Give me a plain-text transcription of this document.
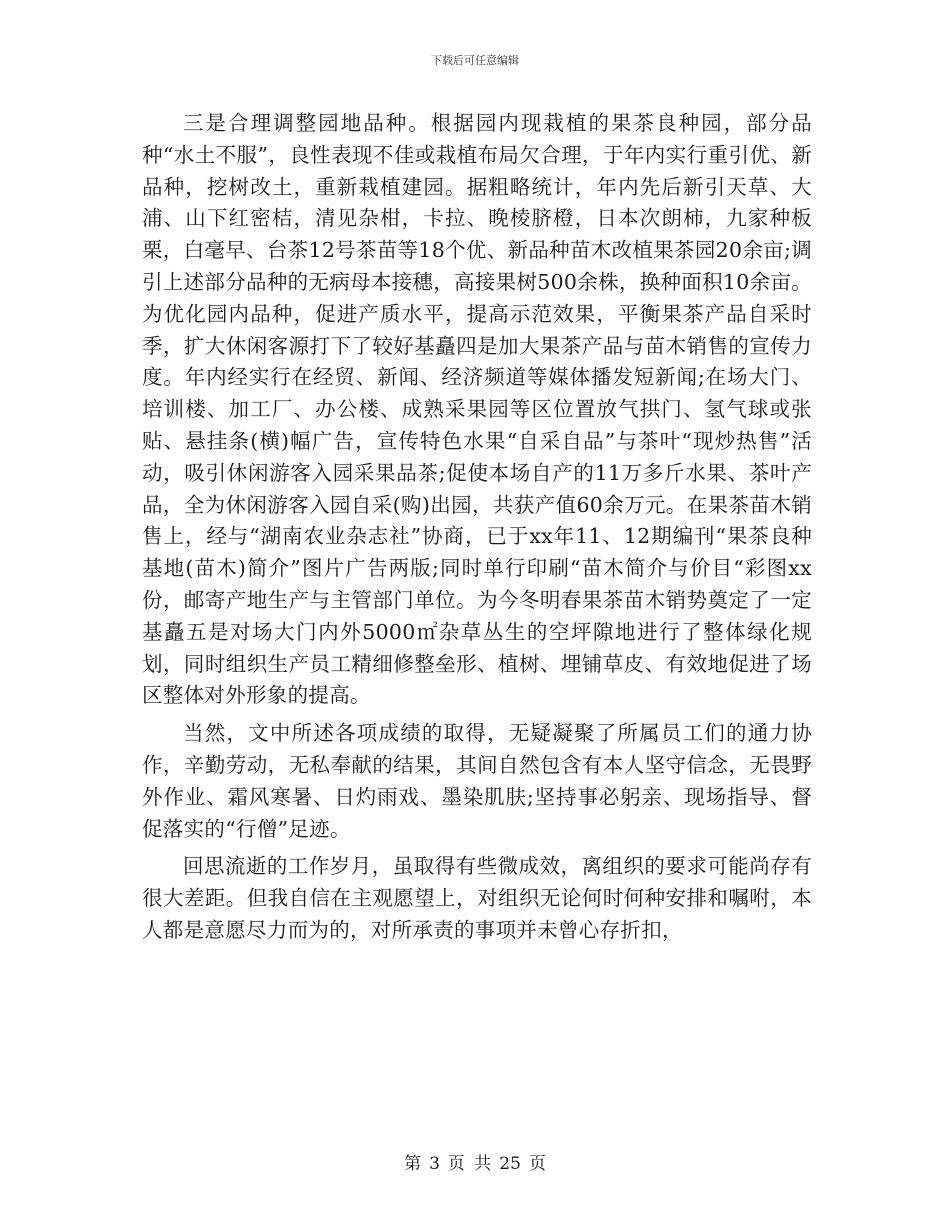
下载后可任意编辑

三是合理调整园地品种。根据园内现栽植的果茶良种园，部分品种“水土不服”，良性表现不佳或栽植布局欠合理，于年内实行重引优、新品种，挖树改土，重新栽植建园。据粗略统计，年内先后新引天草、大浦、山下红密桔，清见杂柑，卡拉、晚棱脐橙，日本次朗柿，九家种板栗，白毫早、台茶12号茶苗等18个优、新品种苗木改植果茶园20余亩;调引上述部分品种的无病母本接穗，高接果树500余株，换种面积10余亩。为优化园内品种，促进产质水平，提高示范效果，平衡果茶产品自采时季，扩大休闲客源打下了较好基矗四是加大果茶产品与苗木销售的宣传力度。年内经实行在经贸、新闻、经济频道等媒体播发短新闻;在场大门、培训楼、加工厂、办公楼、成熟采果园等区位置放气拱门、氢气球或张贴、悬挂条(横)幅广告，宣传特色水果“自采自品”与茶叶“现炒热售”活动，吸引休闲游客入园采果品茶;促使本场自产的11万多斤水果、茶叶产品，全为休闲游客入园自采(购)出园，共获产值60余万元。在果茶苗木销售上，经与“湖南农业杂志社”协商，已于xx年11、12期编刊“果茶良种基地(苗木)简介”图片广告两版;同时单行印刷“苗木简介与价目“彩图xx份，邮寄产地生产与主管部门单位。为今冬明春果茶苗木销势奠定了一定基矗五是对场大门内外5000㎡杂草丛生的空坪隙地进行了整体绿化规划，同时组织生产员工精细修整垒形、植树、埋铺草皮、有效地促进了场区整体对外形象的提高。

当然，文中所述各项成绩的取得，无疑凝聚了所属员工们的通力协作，辛勤劳动，无私奉献的结果，其间自然包含有本人坚守信念，无畏野外作业、霜风寒暑、日灼雨戏、墨染肌肤;坚持事必躬亲、现场指导、督促落实的“行僧”足迹。

回思流逝的工作岁月，虽取得有些微成效，离组织的要求可能尚存有很大差距。但我自信在主观愿望上，对组织无论何时何种安排和嘱咐，本人都是意愿尽力而为的，对所承责的事项并未曾心存折扣，

第 3 页 共 25 页
